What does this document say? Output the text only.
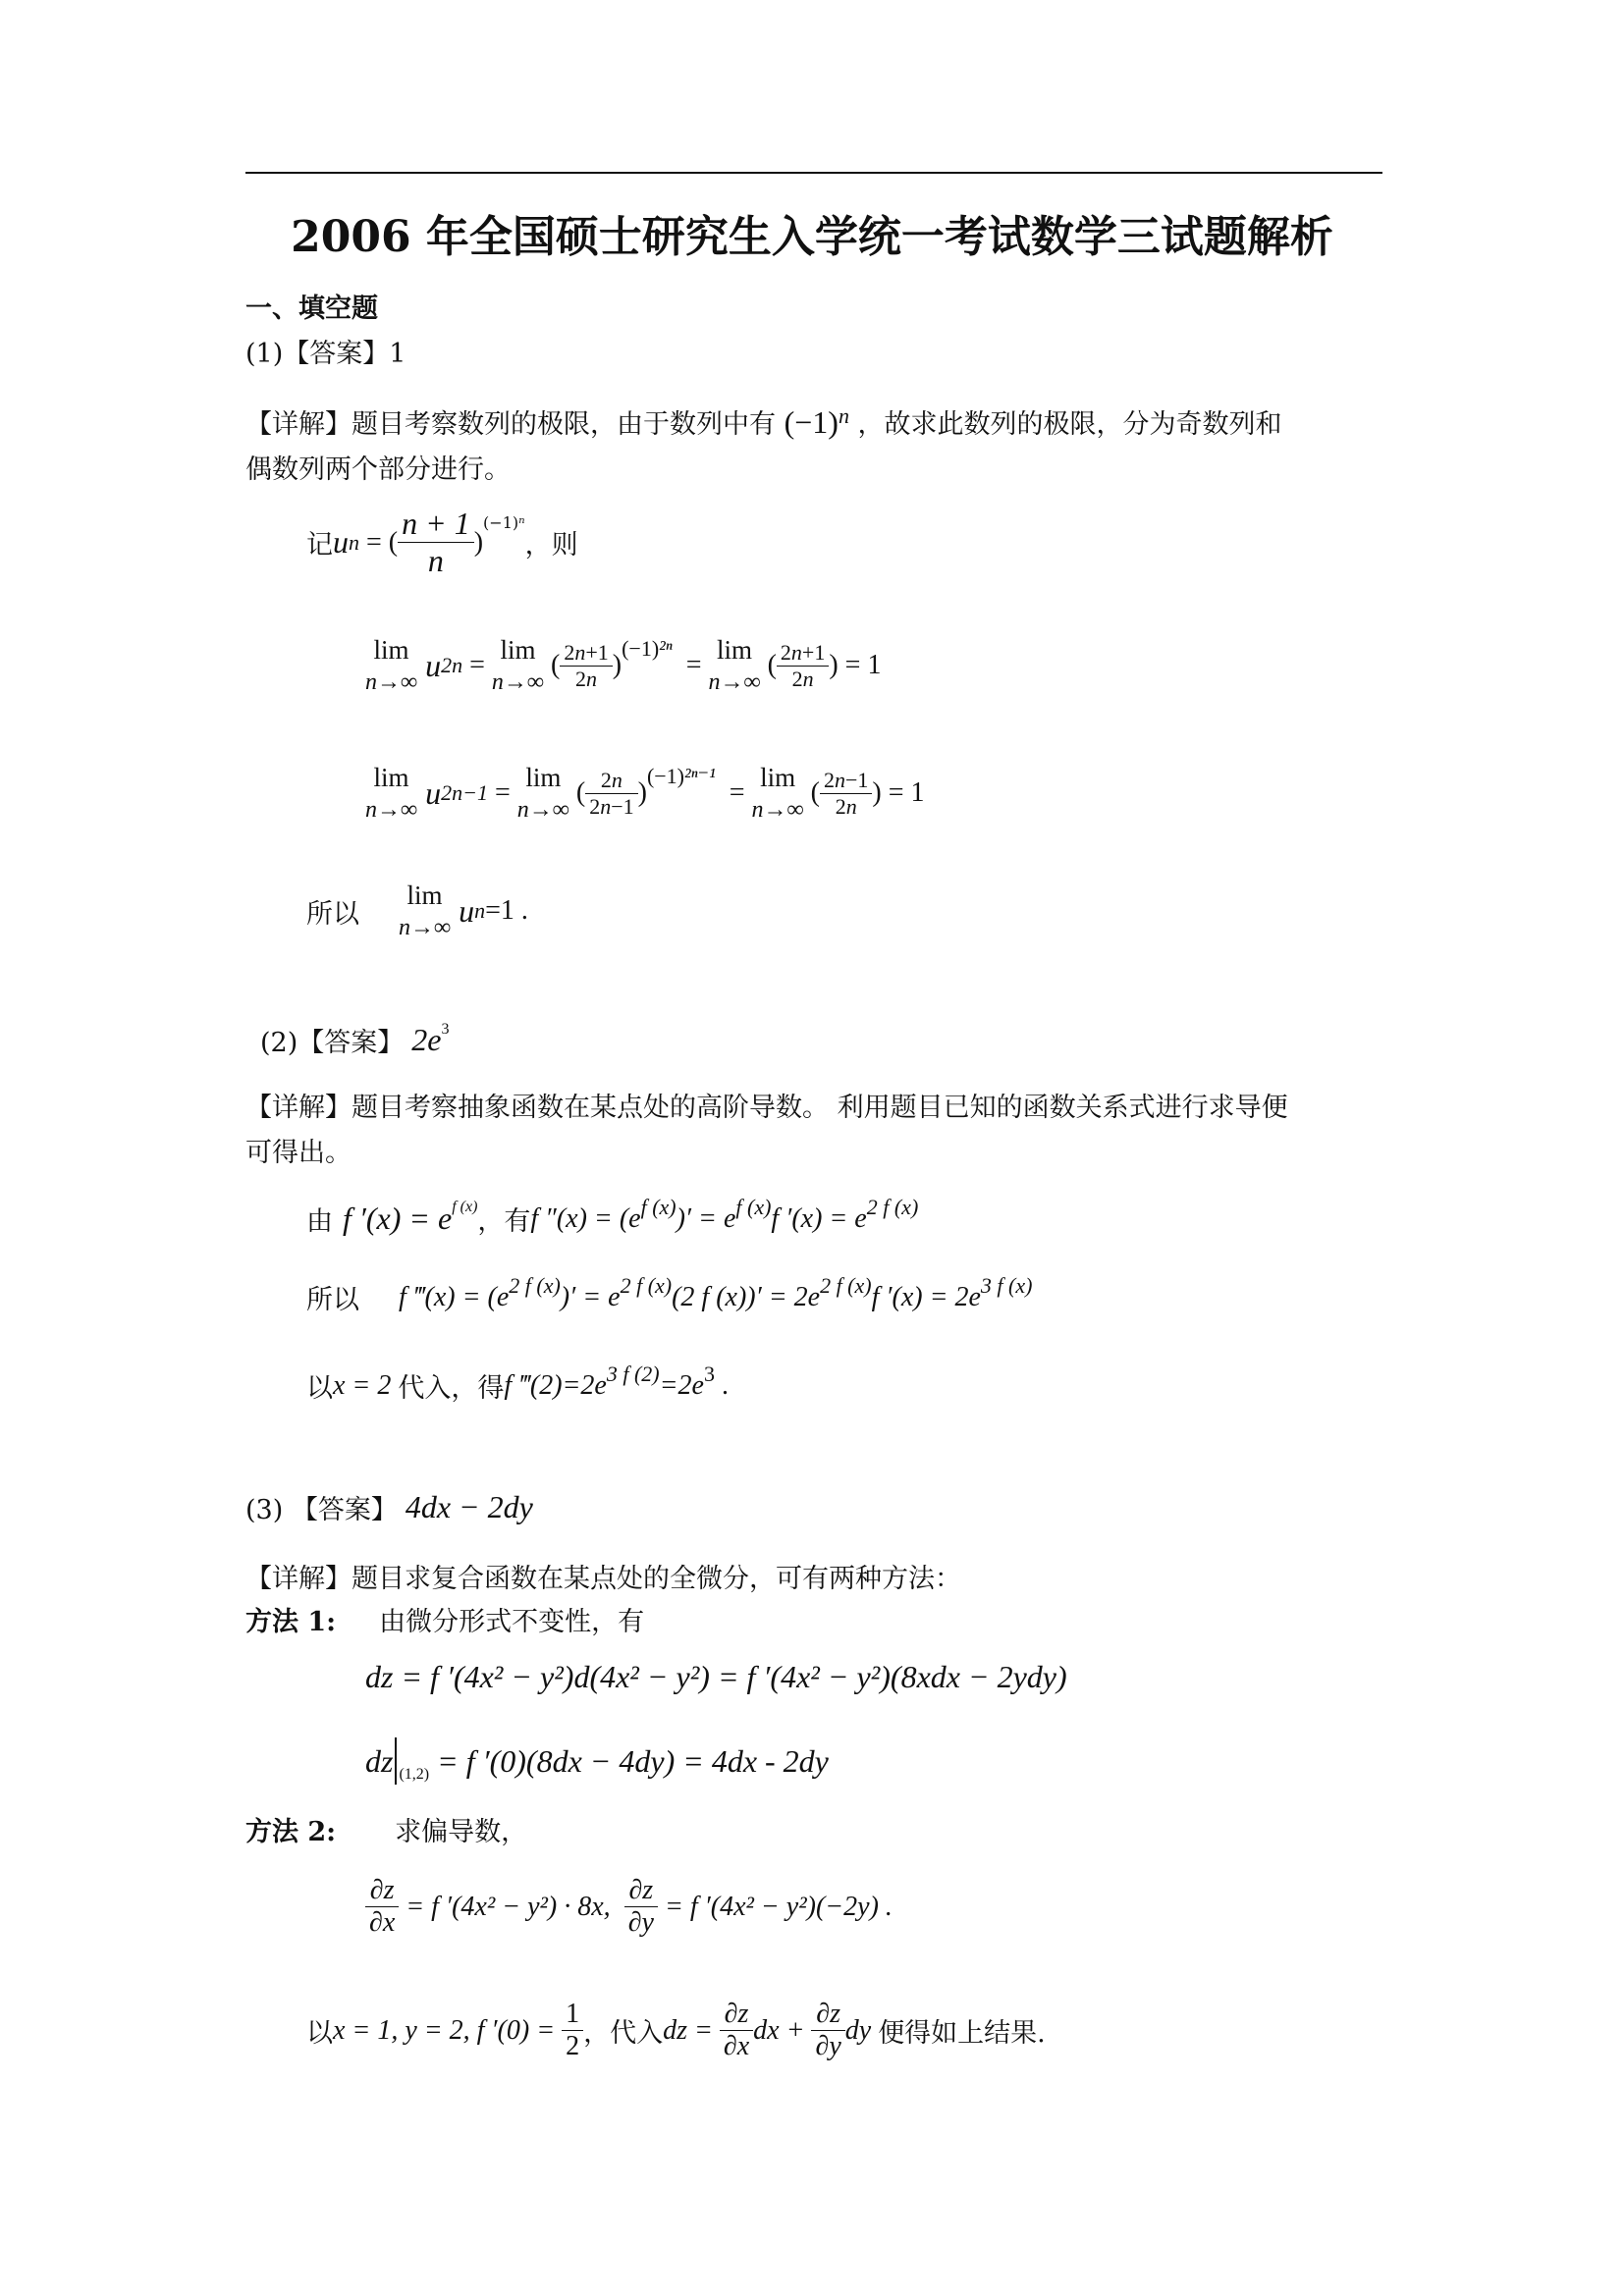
2006 年全国硕士研究生入学统一考试数学三试题解析
一、填空题
(1)【答案】1
【详解】题目考察数列的极限，由于数列中有 $(-1)^n$ ，故求此数列的极限，分为奇数列和
偶数列两个部分进行。
记 u n = ( $\frac{n + 1}{n}$ )
(−1)ⁿ
，则
lim
n→∞ u 2n =
lim
n→∞
( $\frac{2n+1}{2n}$ )
(−1)²ⁿ
=
lim
n→∞
( $\frac{2n+1}{2n}$ ) = 1
lim
n→∞ u 2n−1 =
lim
n→∞
( $\frac{2n}{2n-1}$ )
(−1)²ⁿ⁻¹
=
lim
n→∞
( $\frac{2n-1}{2n}$ ) = 1
所以
lim
n→∞ u n =1 .
(2)【答案】 2e 3
【详解】题目考察抽象函数在某点处的高阶导数。 利用题目已知的函数关系式进行求导便
可得出。
由 f ′(x) = e f (x) ，有 f ″(x) = (e f (x) )′ = e f (x) f ′(x) = e 2 f (x)
所以 f ‴(x) = (e 2 f (x) )′ = e 2 f (x) (2 f (x))′ = 2e 2 f (x) f ′(x) = 2e 3 f (x)
以 x = 2 代入，得 f ‴(2)=2e 3 f (2) =2e 3 .
(3) 【答案】 4dx − 2dy
【详解】题目求复合函数在某点处的全微分，可有两种方法：
方法 1: 由微分形式不变性，有
dz = f ′(4x² − y²)d(4x² − y²) = f ′(4x² − y²)(8xdx − 2ydy)
dz (1,2) = f ′(0)(8dx − 4dy) = 4dx - 2dy
方法 2: 求偏导数，
$\frac{\partial z}{\partial x} = f$ ′(4x² − y²) · 8x, $\frac{\partial z}{\partial y} = f$ ′(4x² − y²)(−2y) .
以 x = 1, y = 2, f $'(0) = \frac{1}{2}$ ，代入 dz = $\frac{\partial z}{\partial x}$ dx + $\frac{\partial z}{\partial y}$ dy 便得如上结果.
